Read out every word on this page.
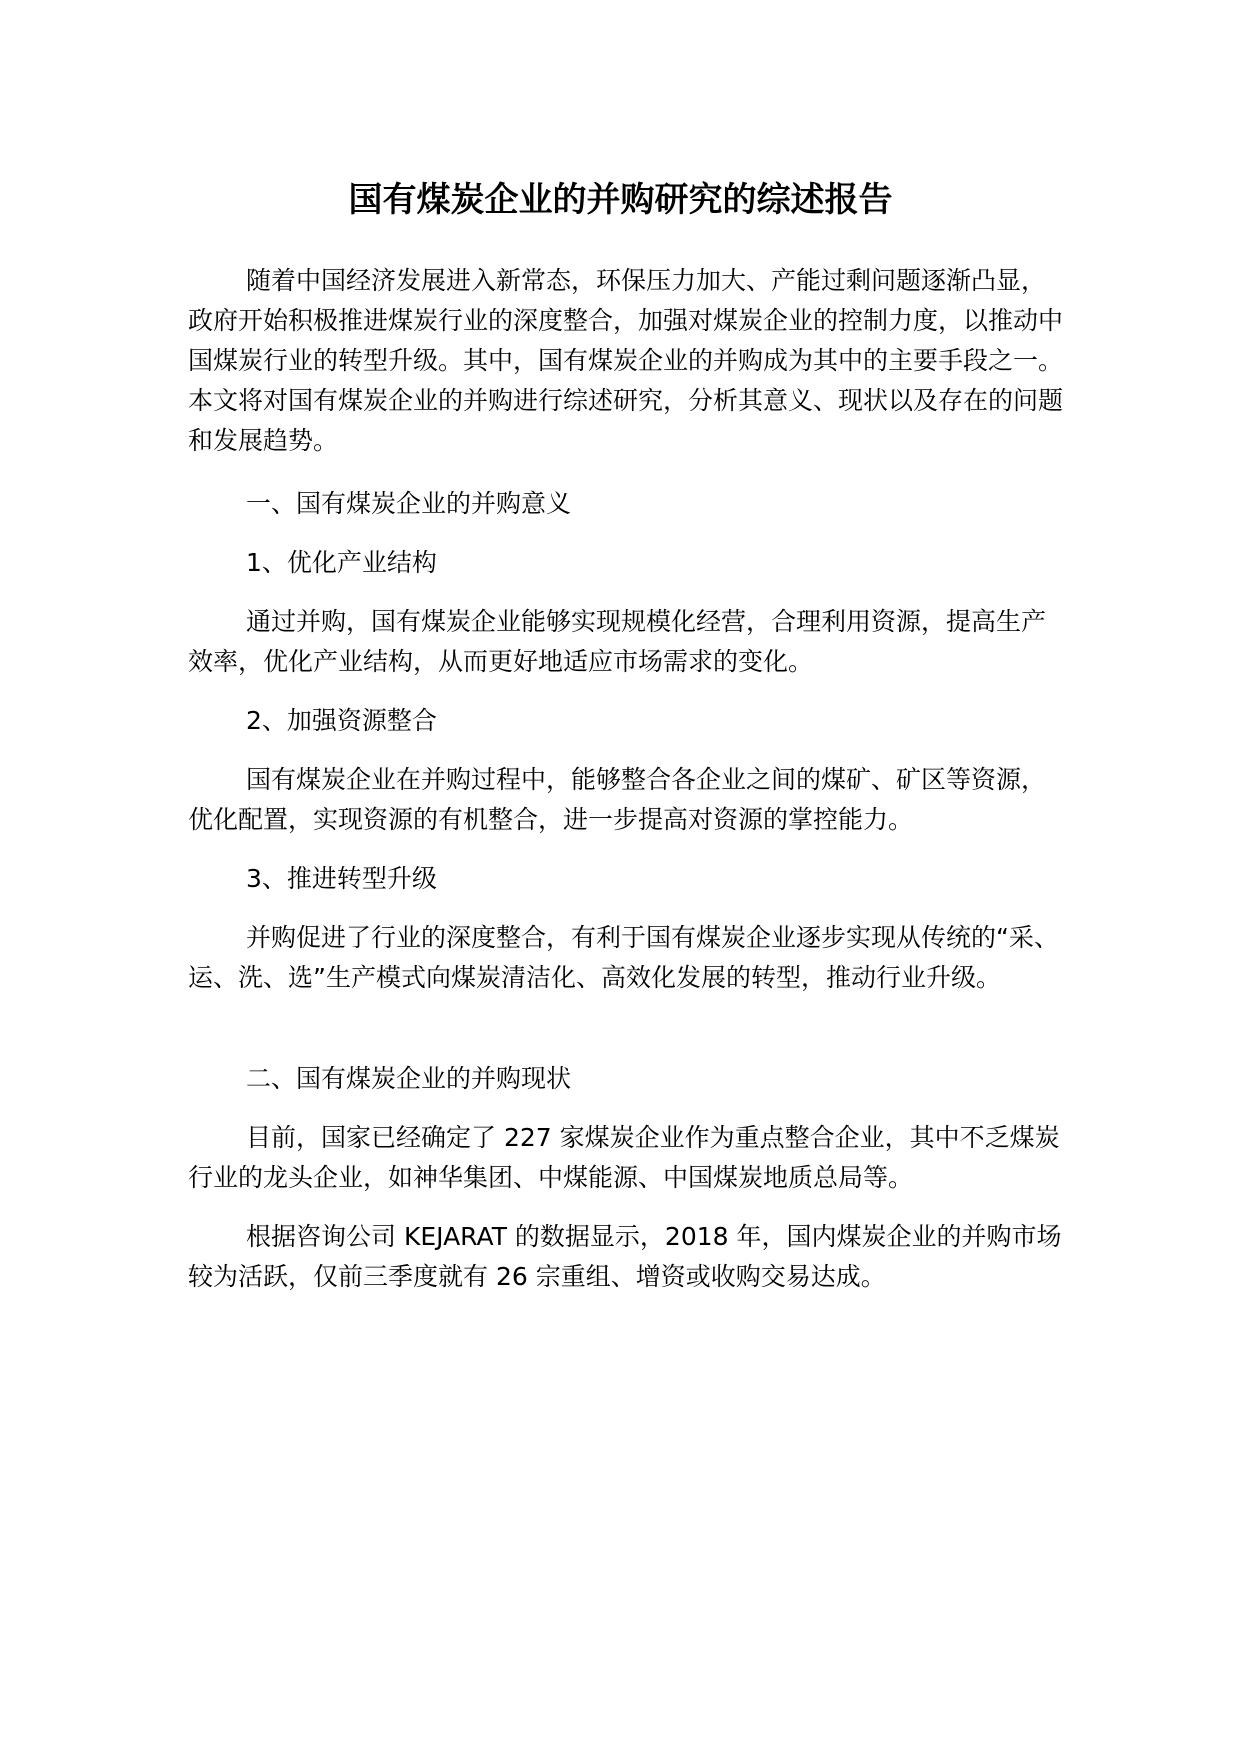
国有煤炭企业的并购研究的综述报告

随着中国经济发展进入新常态，环保压力加大、产能过剩问题逐渐凸显，政府开始积极推进煤炭行业的深度整合，加强对煤炭企业的控制力度，以推动中国煤炭行业的转型升级。其中，国有煤炭企业的并购成为其中的主要手段之一。本文将对国有煤炭企业的并购进行综述研究，分析其意义、现状以及存在的问题和发展趋势。

一、国有煤炭企业的并购意义

1、优化产业结构

通过并购，国有煤炭企业能够实现规模化经营，合理利用资源，提高生产效率，优化产业结构，从而更好地适应市场需求的变化。

2、加强资源整合

国有煤炭企业在并购过程中，能够整合各企业之间的煤矿、矿区等资源，优化配置，实现资源的有机整合，进一步提高对资源的掌控能力。

3、推进转型升级

并购促进了行业的深度整合，有利于国有煤炭企业逐步实现从传统的“采、运、洗、选”生产模式向煤炭清洁化、高效化发展的转型，推动行业升级。

二、国有煤炭企业的并购现状

目前，国家已经确定了 227 家煤炭企业作为重点整合企业，其中不乏煤炭行业的龙头企业，如神华集团、中煤能源、中国煤炭地质总局等。

根据咨询公司 KEJARAT 的数据显示，2018 年，国内煤炭企业的并购市场较为活跃，仅前三季度就有 26 宗重组、增资或收购交易达成。
